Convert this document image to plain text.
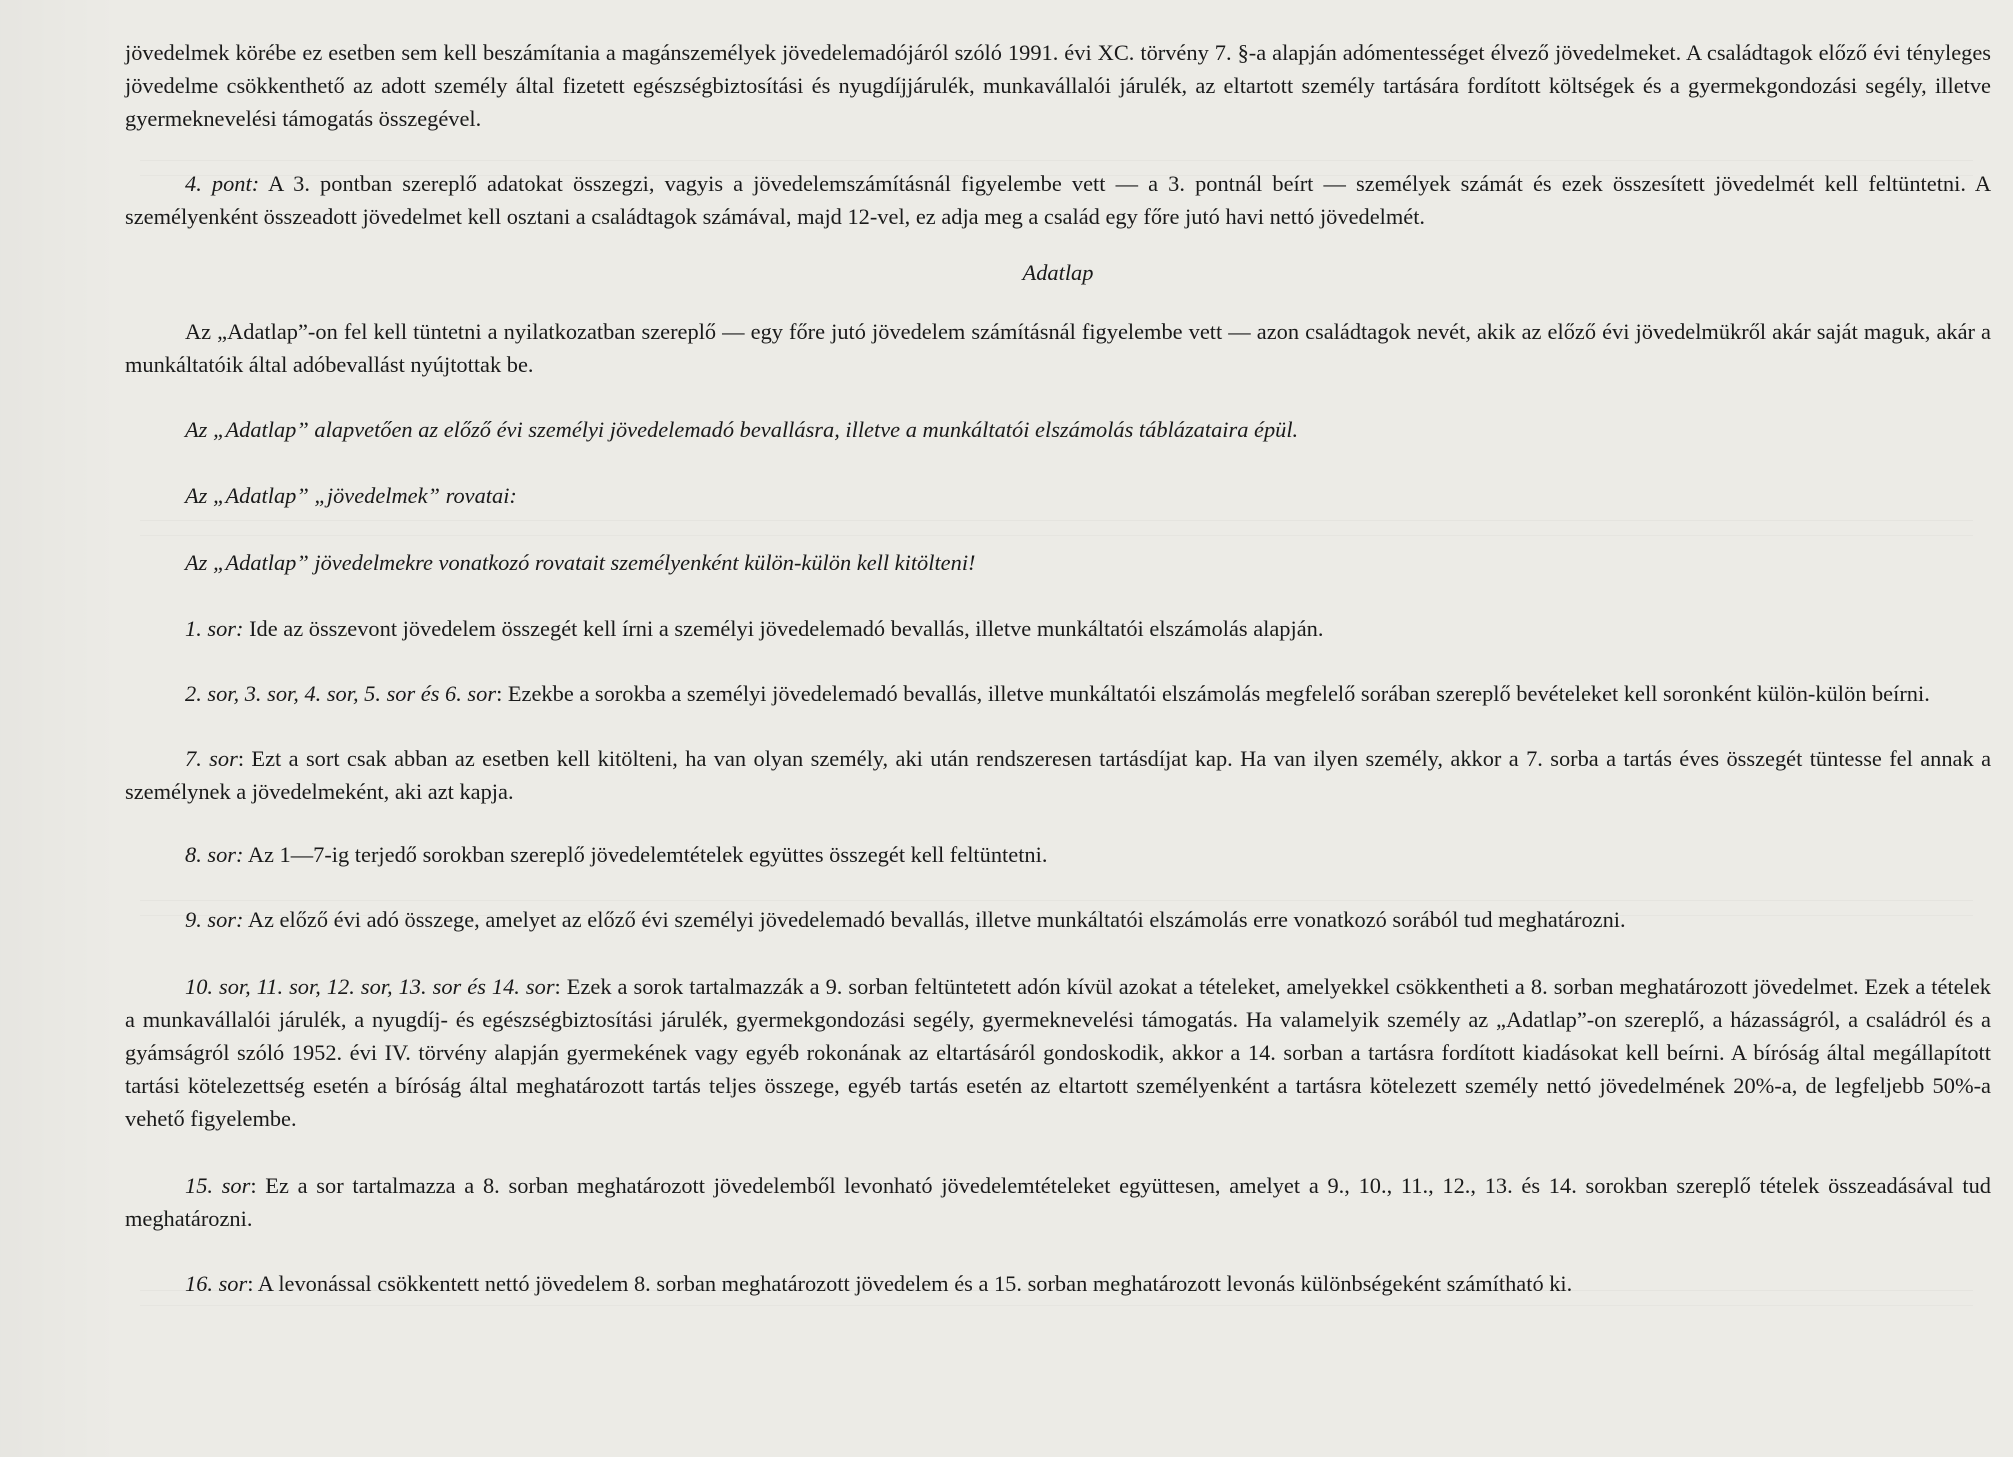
jövedelmek körébe ez esetben sem kell beszámítania a magánszemélyek jövedelemadójáról szóló 1991. évi XC. törvény 7. §-a alapján adómentességet élvező jövedelmeket. A családtagok előző évi tényleges jövedelme csökkenthető az adott személy által fizetett egészségbiztosítási és nyugdíjjárulék, munkavállalói járulék, az eltartott személy tartására fordított költségek és a gyermekgondozási segély, illetve gyermeknevelési támogatás összegével.

4. pont: A 3. pontban szereplő adatokat összegzi, vagyis a jövedelemszámításnál figyelembe vett — a 3. pontnál beírt — személyek számát és ezek összesített jövedelmét kell feltüntetni. A személyenként összeadott jövedelmet kell osztani a családtagok számával, majd 12-vel, ez adja meg a család egy főre jutó havi nettó jövedelmét.

Adatlap

Az „Adatlap”-on fel kell tüntetni a nyilatkozatban szereplő — egy főre jutó jövedelem számításnál figyelembe vett — azon családtagok nevét, akik az előző évi jövedelmükről akár saját maguk, akár a munkáltatóik által adóbevallást nyújtottak be.

Az „Adatlap” alapvetően az előző évi személyi jövedelemadó bevallásra, illetve a munkáltatói elszámolás táblázataira épül.

Az „Adatlap” „jövedelmek” rovatai:

Az „Adatlap” jövedelmekre vonatkozó rovatait személyenként külön-külön kell kitölteni!

1. sor: Ide az összevont jövedelem összegét kell írni a személyi jövedelemadó bevallás, illetve munkáltatói elszámolás alapján.

2. sor, 3. sor, 4. sor, 5. sor és 6. sor: Ezekbe a sorokba a személyi jövedelemadó bevallás, illetve munkáltatói elszámolás megfelelő sorában szereplő bevételeket kell soronként külön-külön beírni.

7. sor: Ezt a sort csak abban az esetben kell kitölteni, ha van olyan személy, aki után rendszeresen tartásdíjat kap. Ha van ilyen személy, akkor a 7. sorba a tartás éves összegét tüntesse fel annak a személynek a jövedelmeként, aki azt kapja.

8. sor: Az 1—7-ig terjedő sorokban szereplő jövedelemtételek együttes összegét kell feltüntetni.

9. sor: Az előző évi adó összege, amelyet az előző évi személyi jövedelemadó bevallás, illetve munkáltatói elszámolás erre vonatkozó sorából tud meghatározni.

10. sor, 11. sor, 12. sor, 13. sor és 14. sor: Ezek a sorok tartalmazzák a 9. sorban feltüntetett adón kívül azokat a tételeket, amelyekkel csökkentheti a 8. sorban meghatározott jövedelmet. Ezek a tételek a munkavállalói járulék, a nyugdíj- és egészségbiztosítási járulék, gyermekgondozási segély, gyermeknevelési támogatás. Ha valamelyik személy az „Adatlap”-on szereplő, a házasságról, a családról és a gyámságról szóló 1952. évi IV. törvény alapján gyermekének vagy egyéb rokonának az eltartásáról gondoskodik, akkor a 14. sorban a tartásra fordított kiadásokat kell beírni. A bíróság által megállapított tartási kötelezettség esetén a bíróság által meghatározott tartás teljes összege, egyéb tartás esetén az eltartott személyenként a tartásra kötelezett személy nettó jövedelmének 20%-a, de legfeljebb 50%-a vehető figyelembe.

15. sor: Ez a sor tartalmazza a 8. sorban meghatározott jövedelemből levonható jövedelemtételeket együttesen, amelyet a 9., 10., 11., 12., 13. és 14. sorokban szereplő tételek összeadásával tud meghatározni.

16. sor: A levonással csökkentett nettó jövedelem 8. sorban meghatározott jövedelem és a 15. sorban meghatározott levonás különbségeként számítható ki.
